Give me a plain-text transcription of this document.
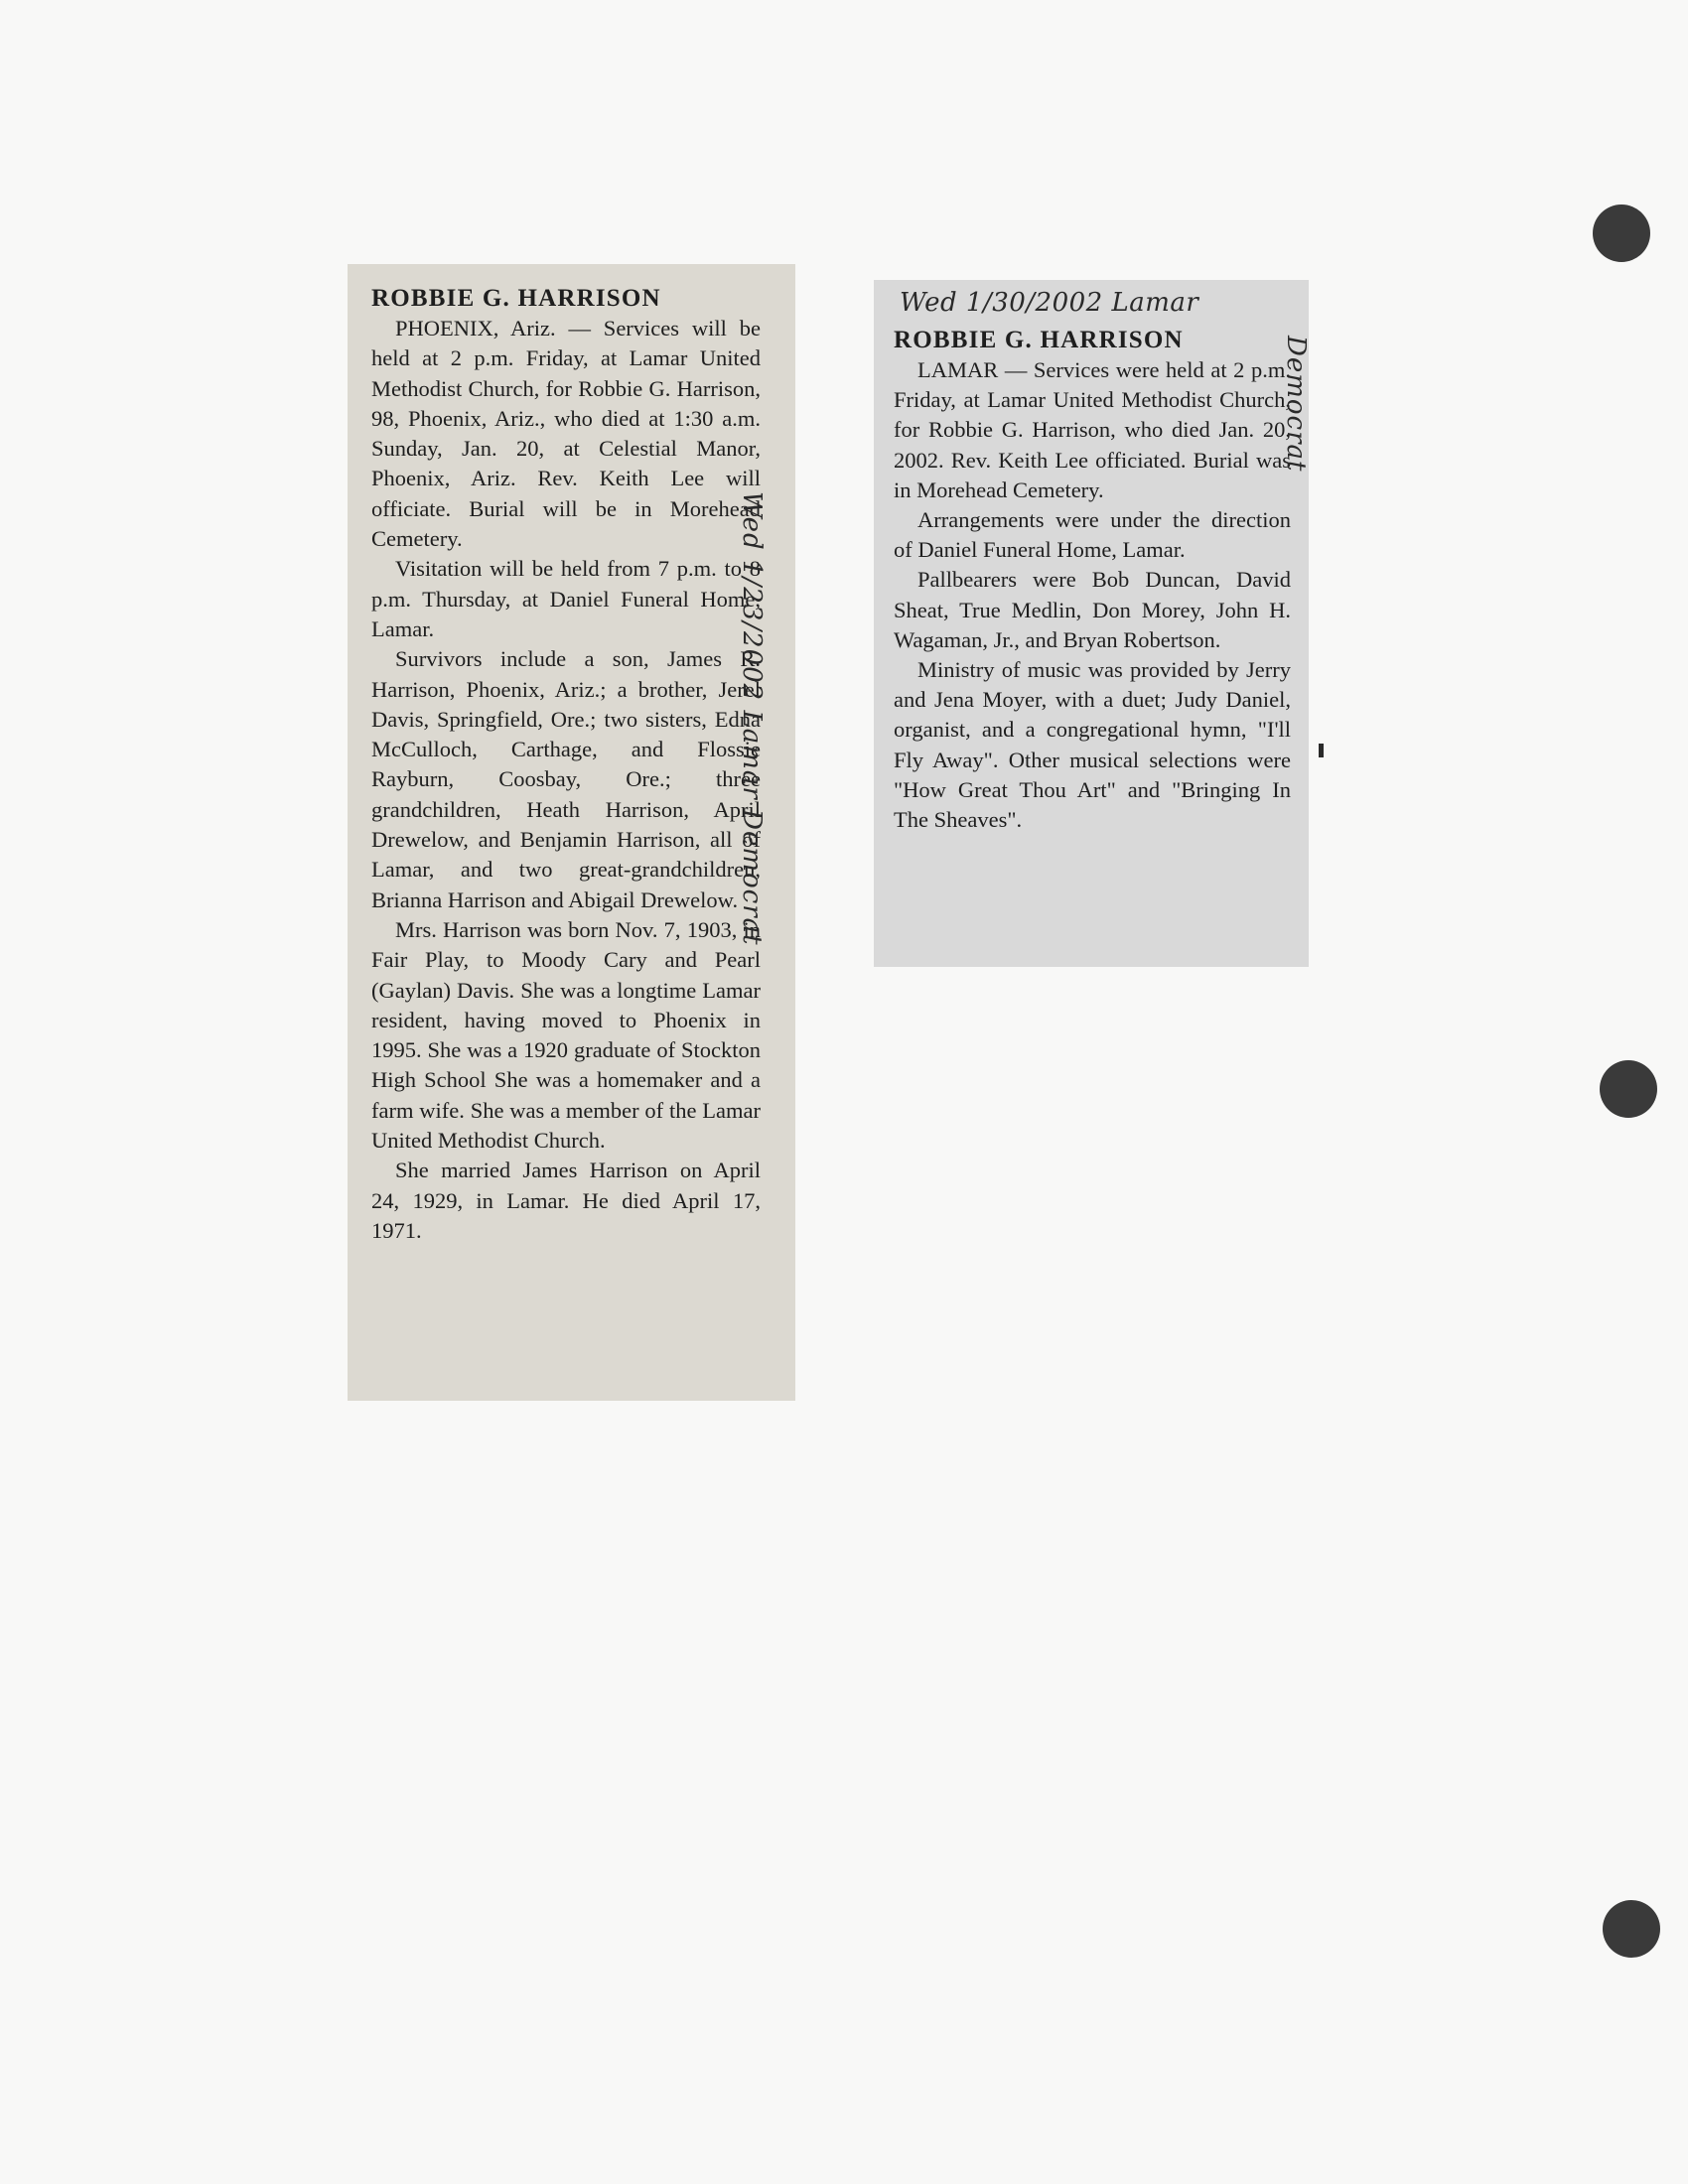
ROBBIE G. HARRISON

PHOENIX, Ariz. — Services will be held at 2 p.m. Friday, at Lamar United Methodist Church, for Robbie G. Harrison, 98, Phoenix, Ariz., who died at 1:30 a.m. Sunday, Jan. 20, at Celestial Manor, Phoenix, Ariz. Rev. Keith Lee will officiate. Burial will be in Morehead Cemetery.

Visitation will be held from 7 p.m. to 8 p.m. Thursday, at Daniel Funeral Home, Lamar.

Survivors include a son, James R. Harrison, Phoenix, Ariz.; a brother, Jerel Davis, Springfield, Ore.; two sisters, Edna McCulloch, Carthage, and Flossie Rayburn, Coosbay, Ore.; three grandchildren, Heath Harrison, April Drewelow, and Benjamin Harrison, all of Lamar, and two great-grandchildren, Brianna Harrison and Abigail Drewelow.

Mrs. Harrison was born Nov. 7, 1903, in Fair Play, to Moody Cary and Pearl (Gaylan) Davis. She was a longtime Lamar resident, having moved to Phoenix in 1995. She was a 1920 graduate of Stockton High School She was a homemaker and a farm wife. She was a member of the Lamar United Methodist Church.

She married James Harrison on April 24, 1929, in Lamar. He died April 17, 1971.

ROBBIE G. HARRISON

LAMAR — Services were held at 2 p.m. Friday, at Lamar United Methodist Church, for Robbie G. Harrison, who died Jan. 20, 2002. Rev. Keith Lee officiated. Burial was in Morehead Cemetery.

Arrangements were under the direction of Daniel Funeral Home, Lamar.

Pallbearers were Bob Duncan, David Sheat, True Medlin, Don Morey, John H. Wagaman, Jr., and Bryan Robertson.

Ministry of music was provided by Jerry and Jena Moyer, with a duet; Judy Daniel, organist, and a congregational hymn, "I'll Fly Away". Other musical selections were "How Great Thou Art" and "Bringing In The Sheaves".

Wed 1/23/2002 Lamar Democrat
Wed 1/30/2002 Lamar
Democrat
